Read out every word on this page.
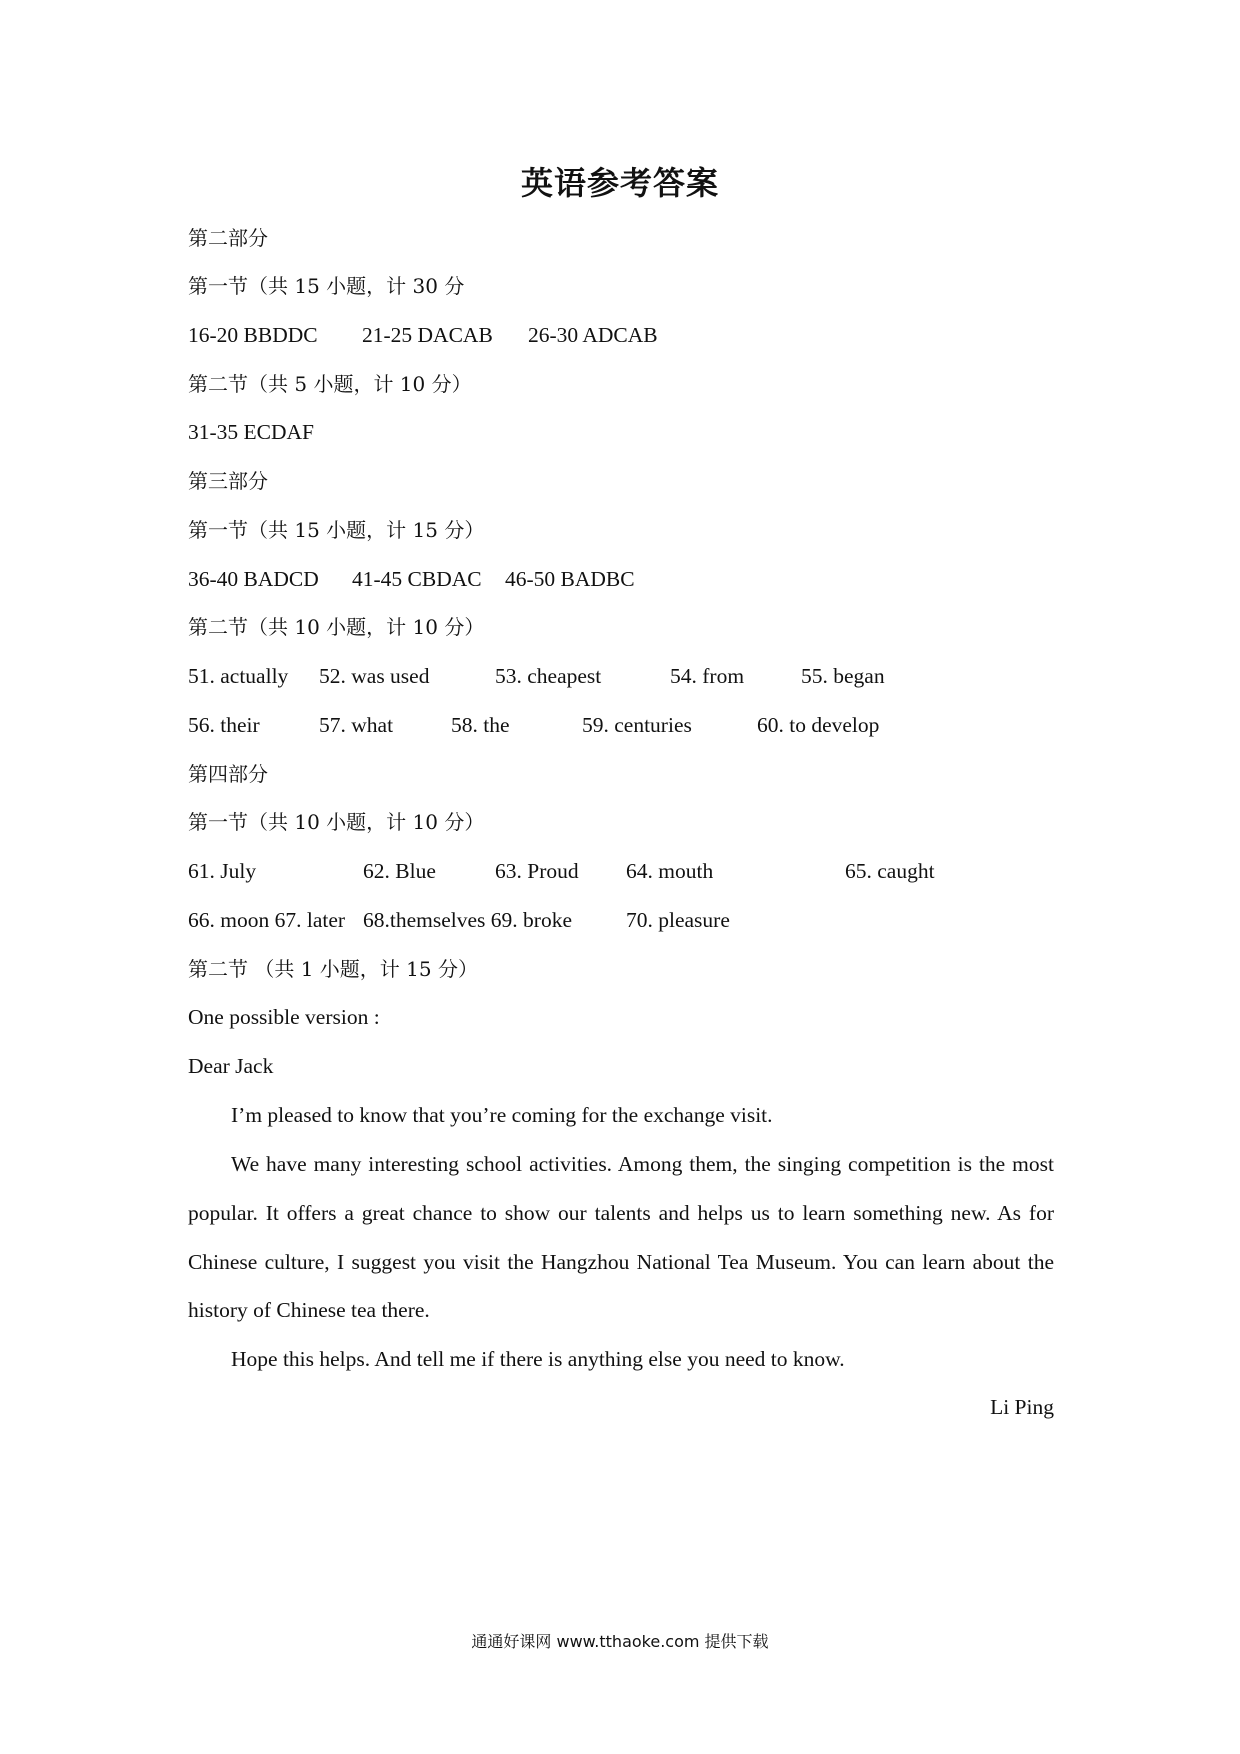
英语参考答案
第二部分
第一节（共 15 小题，计 30 分
16-20 BBDDC 21-25 DACAB 26-30 ADCAB
第二节（共 5 小题，计 10 分）
31-35 ECDAF
第三部分
第一节（共 15 小题，计 15 分）
36-40 BADCD 41-45 CBDAC 46-50 BADBC
第二节（共 10 小题，计 10 分）
51. actually 52. was used	53. cheapest	54. from	55. began
56. their	57. what	58. the	59. centuries	60. to develop
第四部分
第一节（共 10 小题，计 10 分）
61. July	62. Blue	63. Proud 64. mouth	65. caught
66. moon 67. later 68.themselves 69. broke	70. pleasure
第二节 （共 1 小题，计 15 分）
One possible version :
Dear Jack
I’m pleased to know that you’re coming for the exchange visit.
We have many interesting school activities. Among them, the singing competition is the most popular. It offers a great chance to show our talents and helps us to learn something new. As for Chinese culture, I suggest you visit the Hangzhou National Tea Museum. You can learn about the history of Chinese tea there.
Hope this helps. And tell me if there is anything else you need to know.
Li Ping
通通好课网 www.tthaoke.com 提供下载
